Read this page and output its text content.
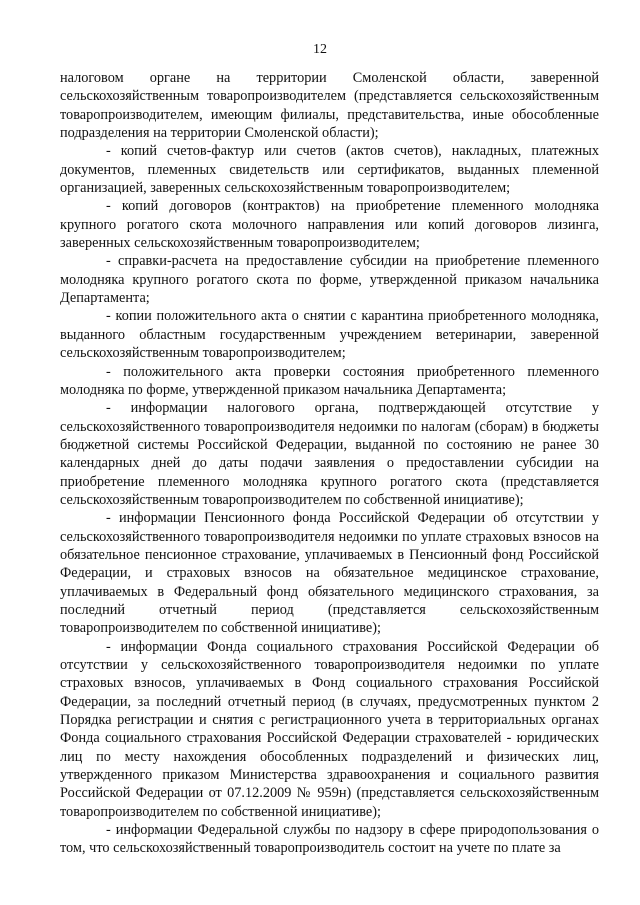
12

налоговом органе на территории Смоленской области, заверенной сельскохозяйственным товаропроизводителем (представляется сельскохозяйственным товаропроизводителем, имеющим филиалы, представительства, иные обособленные подразделения на территории Смоленской области);

- копий счетов-фактур или счетов (актов счетов), накладных, платежных документов, племенных свидетельств или сертификатов, выданных племенной организацией, заверенных сельскохозяйственным товаропроизводителем;

- копий договоров (контрактов) на приобретение племенного молодняка крупного рогатого скота молочного направления или копий договоров лизинга, заверенных сельскохозяйственным товаропроизводителем;

- справки-расчета на предоставление субсидии на приобретение племенного молодняка крупного рогатого скота по форме, утвержденной приказом начальника Департамента;

- копии положительного акта о снятии с карантина приобретенного молодняка, выданного областным государственным учреждением ветеринарии, заверенной сельскохозяйственным товаропроизводителем;

- положительного акта проверки состояния приобретенного племенного молодняка по форме, утвержденной приказом начальника Департамента;

- информации налогового органа, подтверждающей отсутствие у сельскохозяйственного товаропроизводителя недоимки по налогам (сборам) в бюджеты бюджетной системы Российской Федерации, выданной по состоянию не ранее 30 календарных дней до даты подачи заявления о предоставлении субсидии на приобретение племенного молодняка крупного рогатого скота (представляется сельскохозяйственным товаропроизводителем по собственной инициативе);

- информации Пенсионного фонда Российской Федерации об отсутствии у сельскохозяйственного товаропроизводителя недоимки по уплате страховых взносов на обязательное пенсионное страхование, уплачиваемых в Пенсионный фонд Российской Федерации, и страховых взносов на обязательное медицинское страхование, уплачиваемых в Федеральный фонд обязательного медицинского страхования, за последний отчетный период (представляется сельскохозяйственным товаропроизводителем по собственной инициативе);

- информации Фонда социального страхования Российской Федерации об отсутствии у сельскохозяйственного товаропроизводителя недоимки по уплате страховых взносов, уплачиваемых в Фонд социального страхования Российской Федерации, за последний отчетный период (в случаях, предусмотренных пунктом 2 Порядка регистрации и снятия с регистрационного учета в территориальных органах Фонда социального страхования Российской Федерации страхователей - юридических лиц по месту нахождения обособленных подразделений и физических лиц, утвержденного приказом Министерства здравоохранения и социального развития Российской Федерации от 07.12.2009 № 959н) (представляется сельскохозяйственным товаропроизводителем по собственной инициативе);

- информации Федеральной службы по надзору в сфере природопользования о том, что сельскохозяйственный товаропроизводитель состоит на учете по плате за
